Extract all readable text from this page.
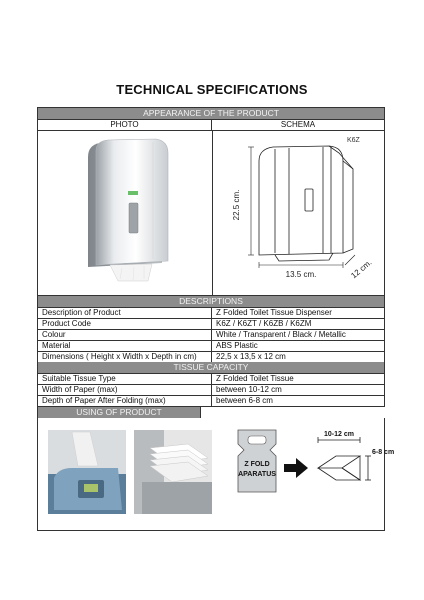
TECHNICAL SPECIFICATIONS
APPEARANCE OF THE PRODUCT
PHOTO	SCHEMA
K6Z
22.5 cm.
13.5 cm.	12 cm.
DESCRIPTIONS
Description of Product	Z Folded Toilet Tissue Dispenser
Product Code	K6Z / K6ZT / K6ZB / K6ZM
Colour	White / Transparent / Black / Metallic
Material	ABS Plastic
Dimensions ( Height x Width x Depth in cm)	22,5 x 13,5 x 12 cm
TISSUE CAPACITY
Suitable Tissue Type	Z Folded Toilet Tissue
Width of Paper (max)	between 10-12 cm
Depth of Paper After Folding (max)	between 6-8 cm
USING OF PRODUCT
Z FOLD
APARATUS
10-12 cm
6-8 cm
